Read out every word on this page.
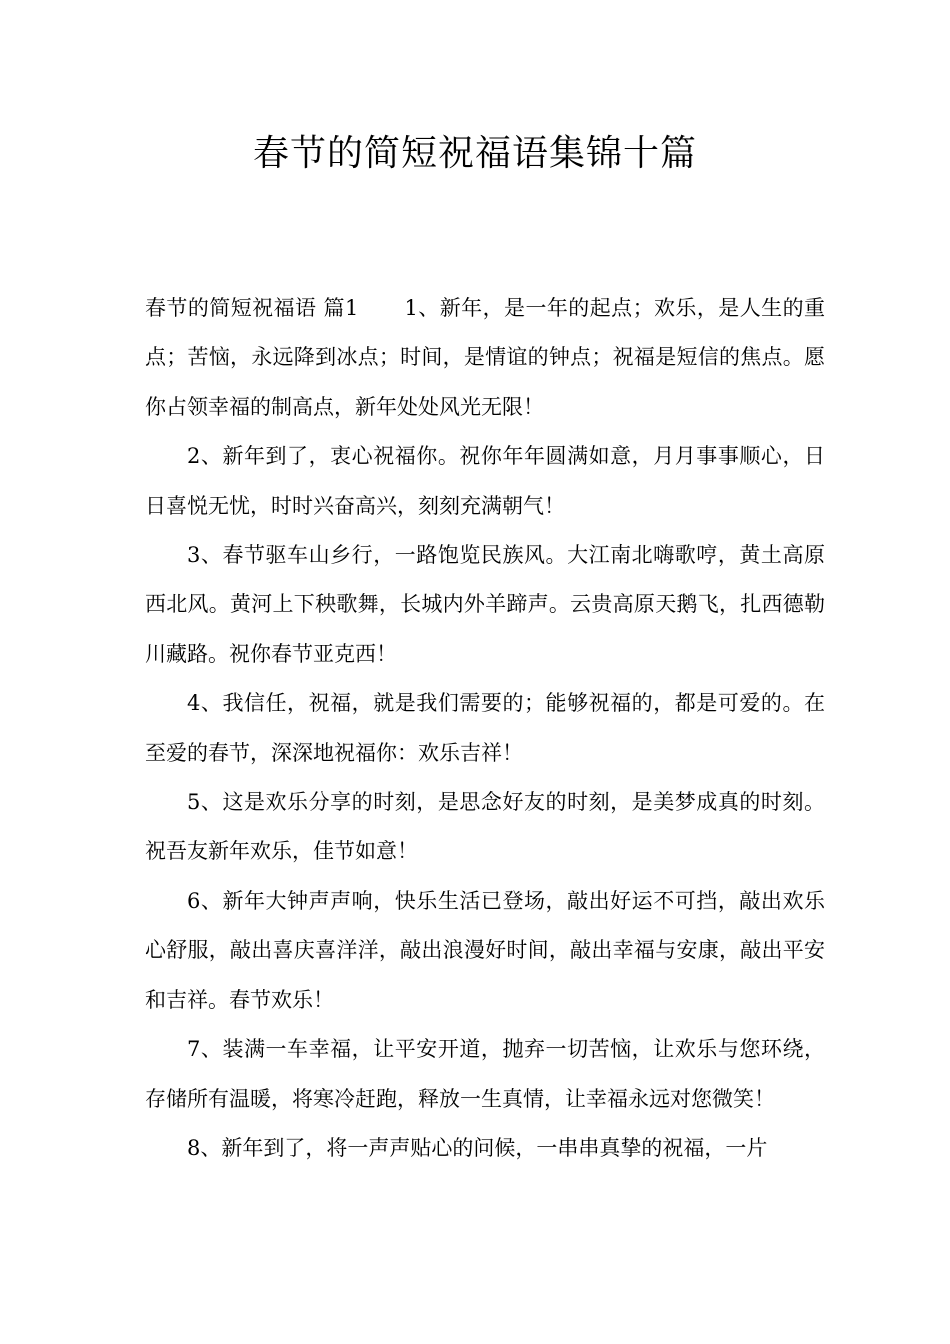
春节的简短祝福语集锦十篇

春节的简短祝福语 篇1 1、新年，是一年的起点；欢乐，是人生的重点；苦恼，永远降到冰点；时间，是情谊的钟点；祝福是短信的焦点。愿你占领幸福的制高点，新年处处风光无限！

2、新年到了，衷心祝福你。祝你年年圆满如意，月月事事顺心，日日喜悦无忧，时时兴奋高兴，刻刻充满朝气！

3、春节驱车山乡行，一路饱览民族风。大江南北嗨歌哼，黄土高原西北风。黄河上下秧歌舞，长城内外羊蹄声。云贵高原天鹅飞，扎西德勒川藏路。祝你春节亚克西！

4、我信任，祝福，就是我们需要的；能够祝福的，都是可爱的。在至爱的春节，深深地祝福你：欢乐吉祥！

5、这是欢乐分享的时刻，是思念好友的时刻，是美梦成真的时刻。祝吾友新年欢乐，佳节如意！

6、新年大钟声声响，快乐生活已登场，敲出好运不可挡，敲出欢乐心舒服，敲出喜庆喜洋洋，敲出浪漫好时间，敲出幸福与安康，敲出平安和吉祥。春节欢乐！

7、装满一车幸福，让平安开道，抛弃一切苦恼，让欢乐与您环绕，存储所有温暖，将寒冷赶跑，释放一生真情，让幸福永远对您微笑！

8、新年到了，将一声声贴心的问候，一串串真挚的祝福，一片
